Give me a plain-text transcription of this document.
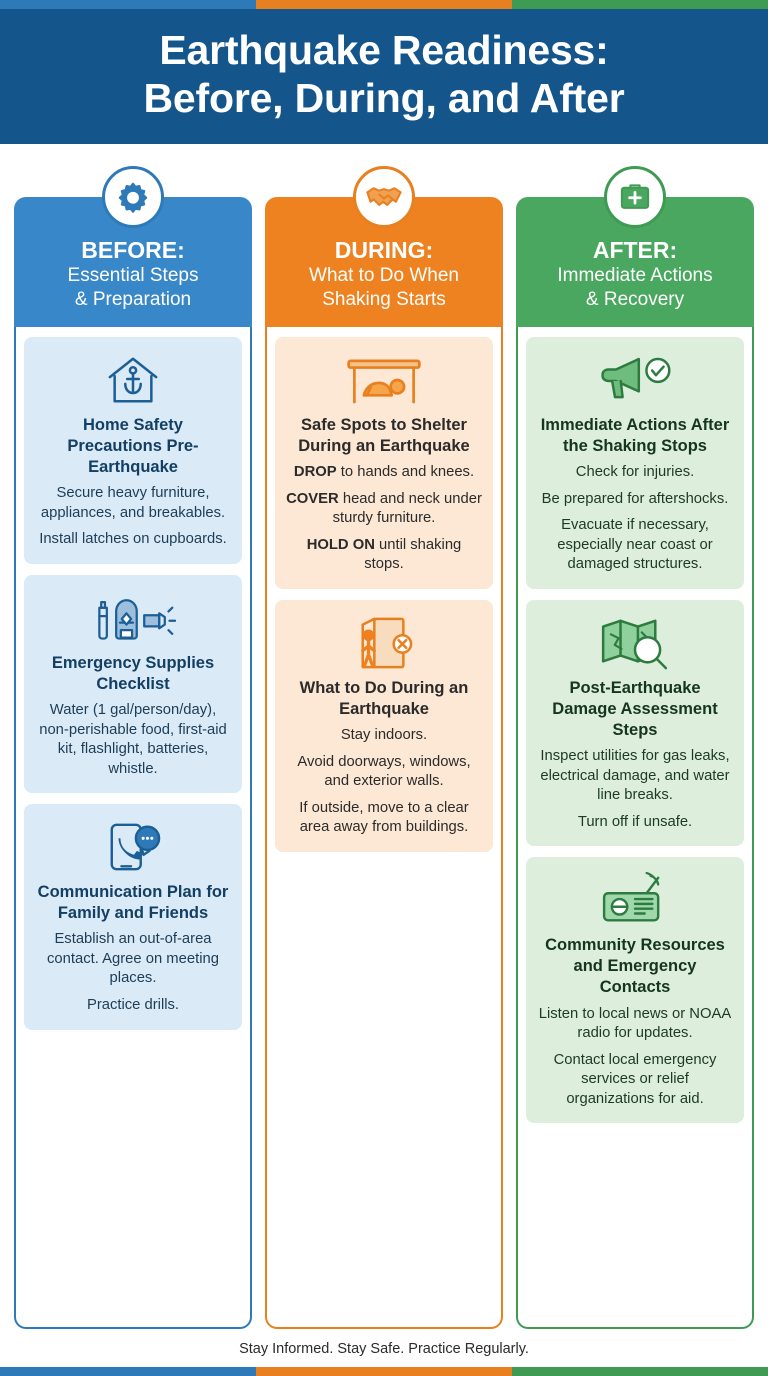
Earthquake Readiness:
Before, During, and After
BEFORE:
Essential Steps
& Preparation
Home Safety Precautions Pre-Earthquake

Secure heavy furniture, appliances, and breakables.

Install latches on cupboards.

Emergency Supplies Checklist

Water (1 gal/person/day), non-perishable food, first-aid kit, flashlight, batteries, whistle.

Communication Plan for Family and Friends

Establish an out-of-area contact. Agree on meeting places.

Practice drills.

DURING:
What to Do When
Shaking Starts
Safe Spots to Shelter During an Earthquake

DROP to hands and knees.

COVER head and neck under sturdy furniture.

HOLD ON until shaking stops.

What to Do During an Earthquake

Stay indoors.

Avoid doorways, windows, and exterior walls.

If outside, move to a clear area away from buildings.

AFTER:
Immediate Actions
& Recovery
Immediate Actions After the Shaking Stops

Check for injuries.

Be prepared for aftershocks.

Evacuate if necessary, especially near coast or damaged structures.

Post-Earthquake Damage Assessment Steps

Inspect utilities for gas leaks, electrical damage, and water line breaks.

Turn off if unsafe.

Community Resources and Emergency Contacts

Listen to local news or NOAA radio for updates.

Contact local emergency services or relief organizations for aid.

Stay Informed. Stay Safe. Practice Regularly.
